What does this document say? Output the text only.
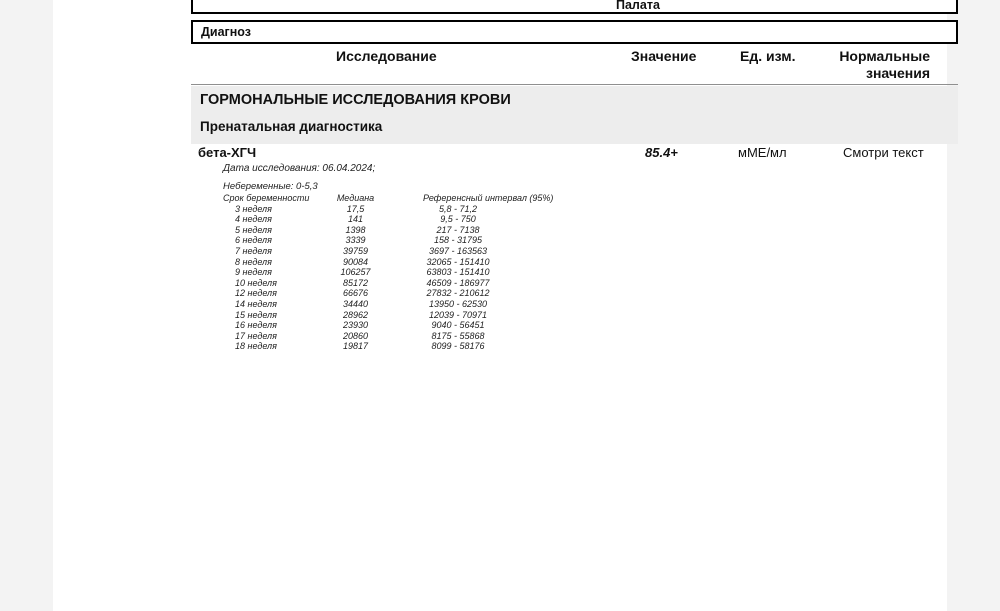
Палата
Диагноз
Исследование	Значение	Ед. изм.	Нормальные
значения
ГОРМОНАЛЬНЫЕ ИССЛЕДОВАНИЯ КРОВИ
Пренатальная диагностика
бета-ХГЧ	85.4+	мМЕ/мл	Смотри текст
Дата исследования: 06.04.2024;
Небеременные: 0-5,3
Срок беременности	Медиана	Референсный интервал (95%)
3 неделя	17,5	5,8 - 71,2
4 неделя	141	9,5 - 750
5 неделя	1398	217 - 7138
6 неделя	3339	158 - 31795
7 неделя	39759	3697 - 163563
8 неделя	90084	32065 - 151410
9 неделя	106257	63803 - 151410
10 неделя	85172	46509 - 186977
12 неделя	66676	27832 - 210612
14 неделя	34440	13950 - 62530
15 неделя	28962	12039 - 70971
16 неделя	23930	9040 - 56451
17 неделя	20860	8175 - 55868
18 неделя	19817	8099 - 58176
